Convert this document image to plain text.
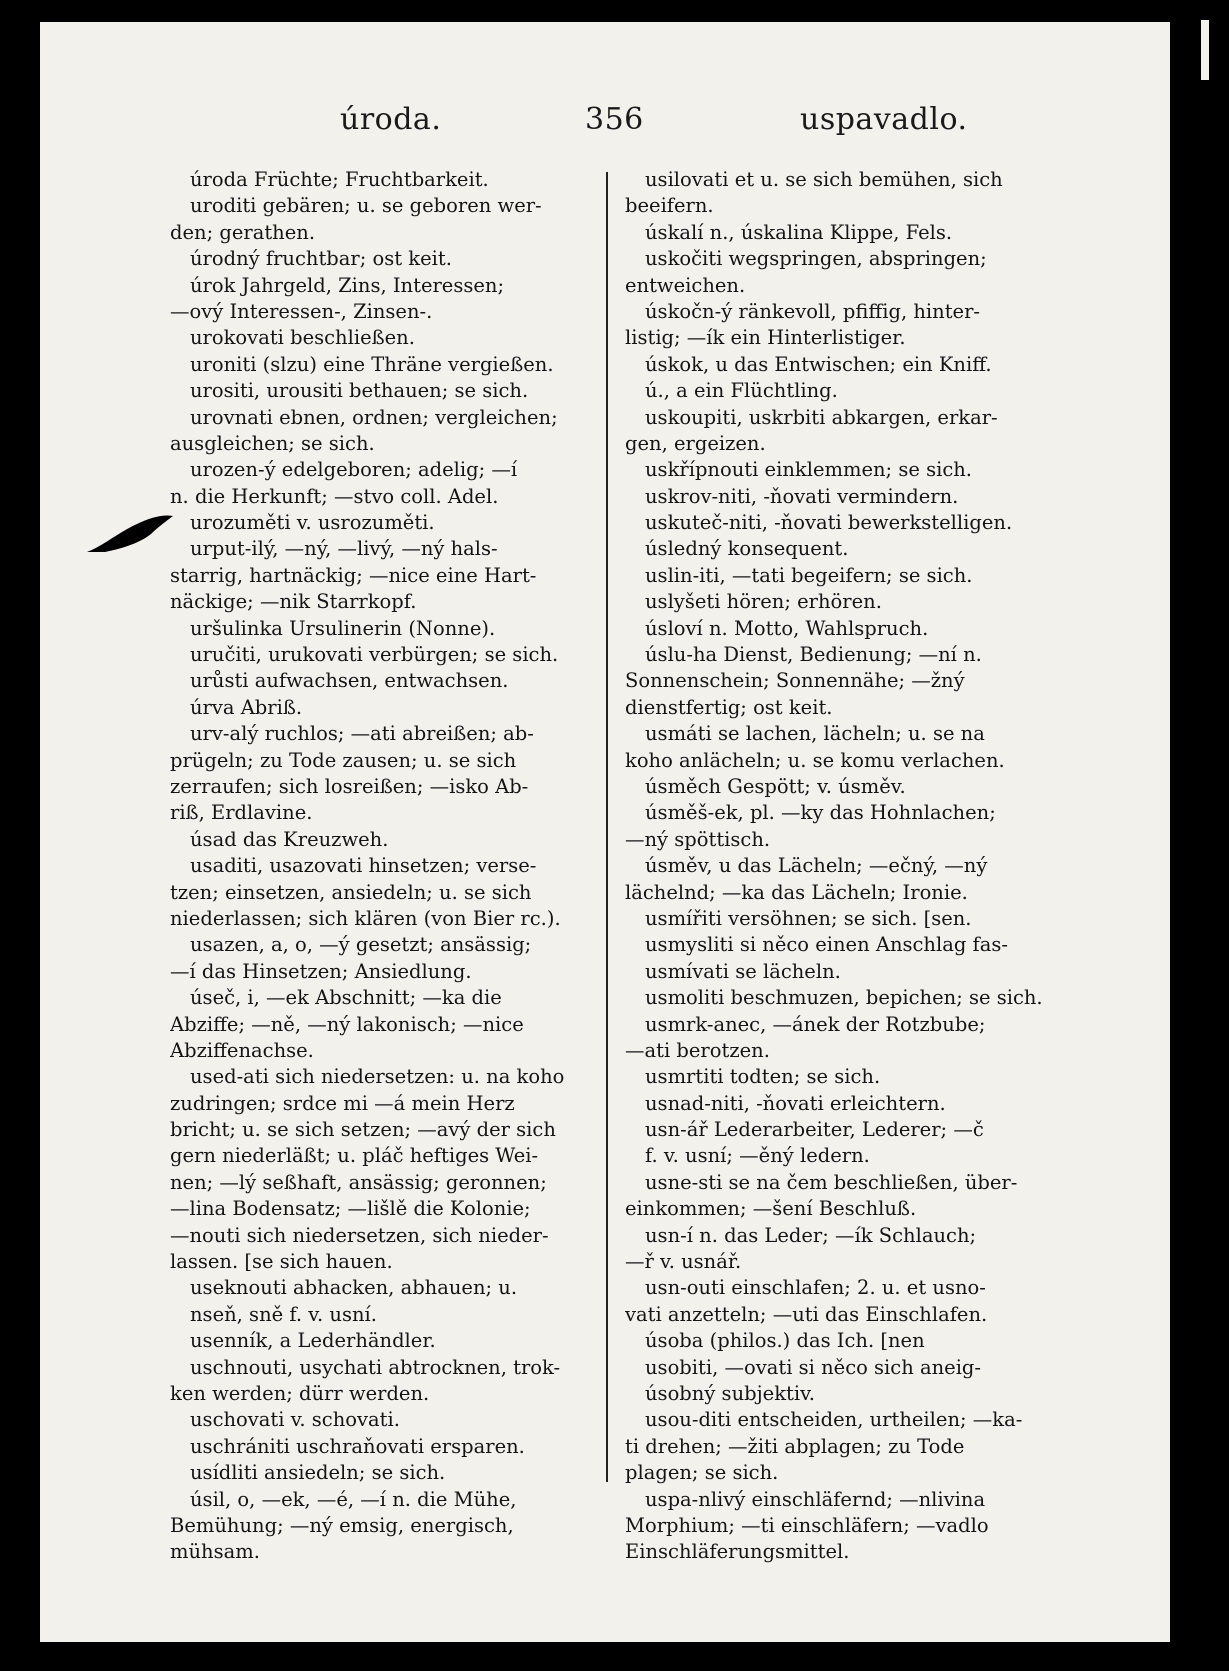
úroda.	356	uspavadlo.
úroda Früchte; Fruchtbarkeit.
uroditi gebären; u. se geboren wer-
den; gerathen.
úrodný fruchtbar; ost keit.
úrok Jahrgeld, Zins, Interessen;
—ový Interessen-, Zinsen-.
urokovati beschließen.
uroniti (slzu) eine Thräne vergießen.
urositi, urousiti bethauen; se sich.
urovnati ebnen, ordnen; vergleichen;
ausgleichen; se sich.
urozen-ý edelgeboren; adelig; —í
n. die Herkunft; —stvo coll. Adel.
urozuměti v. usrozuměti.
urput-ilý, —ný, —livý, —ný hals-
starrig, hartnäckig; —nice eine Hart-
näckige; —nik Starrkopf.
uršulinka Ursulinerin (Nonne).
uručiti, urukovati verbürgen; se sich.
urůsti aufwachsen, entwachsen.
úrva Abriß.
urv-alý ruchlos; —ati abreißen; ab-
prügeln; zu Tode zausen; u. se sich
zerraufen; sich losreißen; —isko Ab-
riß, Erdlavine.
úsad das Kreuzweh.
usaditi, usazovati hinsetzen; verse-
tzen; einsetzen, ansiedeln; u. se sich
niederlassen; sich klären (von Bier rc.).
usazen, a, o, —ý gesetzt; ansässig;
—í das Hinsetzen; Ansiedlung.
úseč, i, —ek Abschnitt; —ka die
Abziffe; —ně, —ný lakonisch; —nice
Abziffenachse.
used-ati sich niedersetzen: u. na koho
zudringen; srdce mi —á mein Herz
bricht; u. se sich setzen; —avý der sich
gern niederläßt; u. pláč heftiges Wei-
nen; —lý seßhaft, ansässig; geronnen;
—lina Bodensatz; —lišlě die Kolonie;
—nouti sich niedersetzen, sich nieder-
lassen. [se sich hauen.
useknouti abhacken, abhauen; u.
nseň, sně f. v. usní.
usenník, a Lederhändler.
uschnouti, usychati abtrocknen, trok-
ken werden; dürr werden.
uschovati v. schovati.
uschrániti uschraňovati ersparen.
usídliti ansiedeln; se sich.
úsil, o, —ek, —é, —í n. die Mühe,
Bemühung; —ný emsig, energisch,
mühsam.
usilovati et u. se sich bemühen, sich
beeifern.
úskalí n., úskalina Klippe, Fels.
uskočiti wegspringen, abspringen;
entweichen.
úskočn-ý ränkevoll, pfiffig, hinter-
listig; —ík ein Hinterlistiger.
úskok, u das Entwischen; ein Kniff.
ú., a ein Flüchtling.
uskoupiti, uskrbiti abkargen, erkar-
gen, ergeizen.
uskřípnouti einklemmen; se sich.
uskrov-niti, -ňovati vermindern.
uskuteč-niti, -ňovati bewerkstelligen.
úsledný konsequent.
uslin-iti, —tati begeifern; se sich.
uslyšeti hören; erhören.
úsloví n. Motto, Wahlspruch.
úslu-ha Dienst, Bedienung; —ní n.
Sonnenschein; Sonnennähe; —žný
dienstfertig; ost keit.
usmáti se lachen, lächeln; u. se na
koho anlächeln; u. se komu verlachen.
úsměch Gespött; v. úsměv.
úsměš-ek, pl. —ky das Hohnlachen;
—ný spöttisch.
úsměv, u das Lächeln; —ečný, —ný
lächelnd; —ka das Lächeln; Ironie.
usmířiti versöhnen; se sich. [sen.
usmysliti si něco einen Anschlag fas-
usmívati se lächeln.
usmoliti beschmuzen, bepichen; se sich.
usmrk-anec, —ánek der Rotzbube;
—ati berotzen.
usmrtiti todten; se sich.
usnad-niti, -ňovati erleichtern.
usn-ář Lederarbeiter, Lederer; —č
f. v. usní; —ěný ledern.
usne-sti se na čem beschließen, über-
einkommen; —šení Beschluß.
usn-í n. das Leder; —ík Schlauch;
—ř v. usnář.
usn-outi einschlafen; 2. u. et usno-
vati anzetteln; —uti das Einschlafen.
úsoba (philos.) das Ich. [nen
usobiti, —ovati si něco sich aneig-
úsobný subjektiv.
usou-diti entscheiden, urtheilen; —ka-
ti drehen; —žiti abplagen; zu Tode
plagen; se sich.
uspa-nlivý einschläfernd; —nlivina
Morphium; —ti einschläfern; —vadlo
Einschläferungsmittel.
